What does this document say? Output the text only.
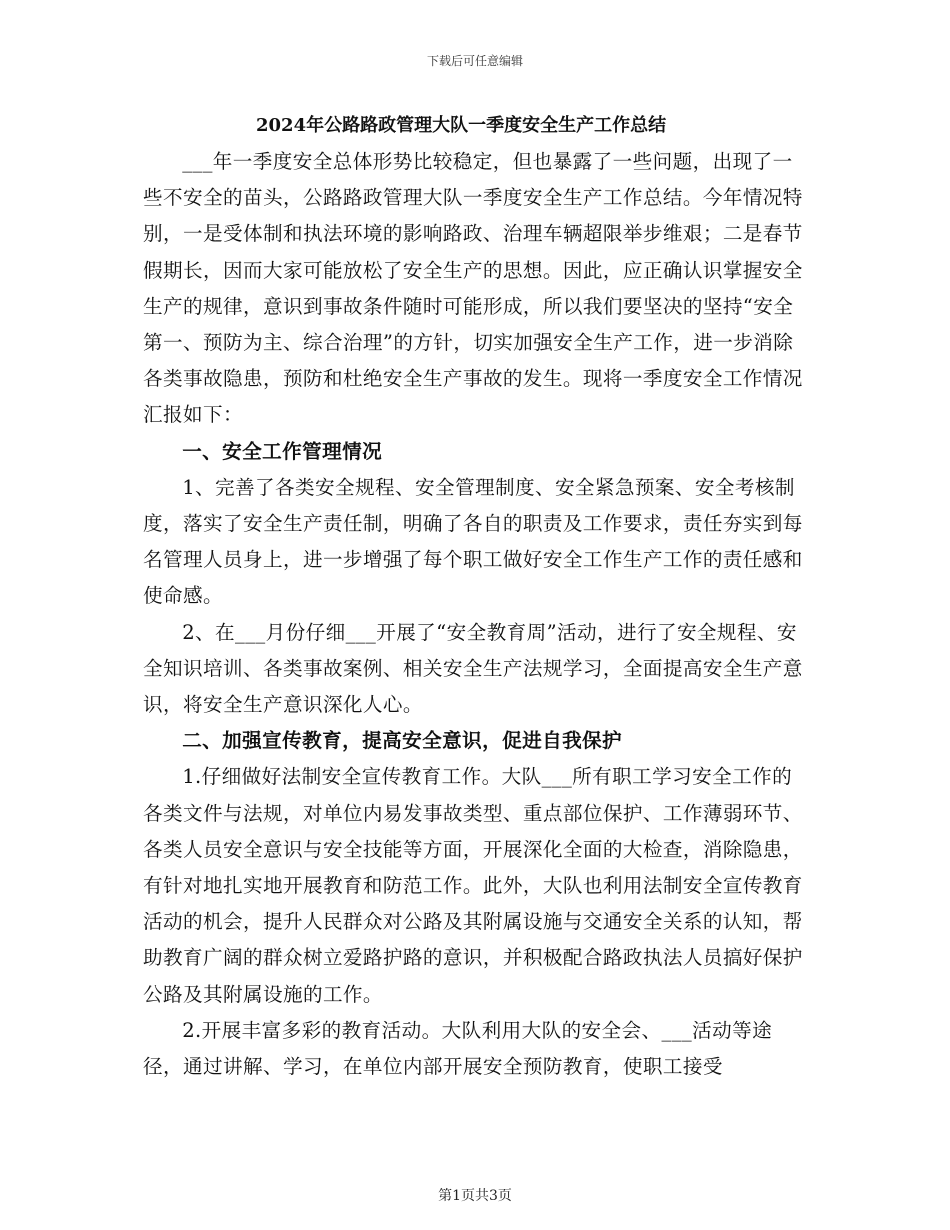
下载后可任意编辑
2024年公路路政管理大队一季度安全生产工作总结
___年一季度安全总体形势比较稳定，但也暴露了一些问题，出现了一些不安全的苗头，公路路政管理大队一季度安全生产工作总结。今年情况特别，一是受体制和执法环境的影响路政、治理车辆超限举步维艰；二是春节假期长，因而大家可能放松了安全生产的思想。因此，应正确认识掌握安全生产的规律，意识到事故条件随时可能形成，所以我们要坚决的坚持“安全第一、预防为主、综合治理”的方针，切实加强安全生产工作，进一步消除各类事故隐患，预防和杜绝安全生产事故的发生。现将一季度安全工作情况汇报如下：
一、安全工作管理情况
1、完善了各类安全规程、安全管理制度、安全紧急预案、安全考核制度，落实了安全生产责任制，明确了各自的职责及工作要求，责任夯实到每名管理人员身上，进一步增强了每个职工做好安全工作生产工作的责任感和使命感。
2、在___月份仔细___开展了“安全教育周”活动，进行了安全规程、安全知识培训、各类事故案例、相关安全生产法规学习，全面提高安全生产意识，将安全生产意识深化人心。
二、加强宣传教育，提高安全意识，促进自我保护
1.仔细做好法制安全宣传教育工作。大队___所有职工学习安全工作的各类文件与法规，对单位内易发事故类型、重点部位保护、工作薄弱环节、各类人员安全意识与安全技能等方面，开展深化全面的大检查，消除隐患，有针对地扎实地开展教育和防范工作。此外，大队也利用法制安全宣传教育活动的机会，提升人民群众对公路及其附属设施与交通安全关系的认知，帮助教育广阔的群众树立爱路护路的意识，并积极配合路政执法人员搞好保护公路及其附属设施的工作。
2.开展丰富多彩的教育活动。大队利用大队的安全会、___活动等途径，通过讲解、学习，在单位内部开展安全预防教育，使职工接受
第1页共3页
